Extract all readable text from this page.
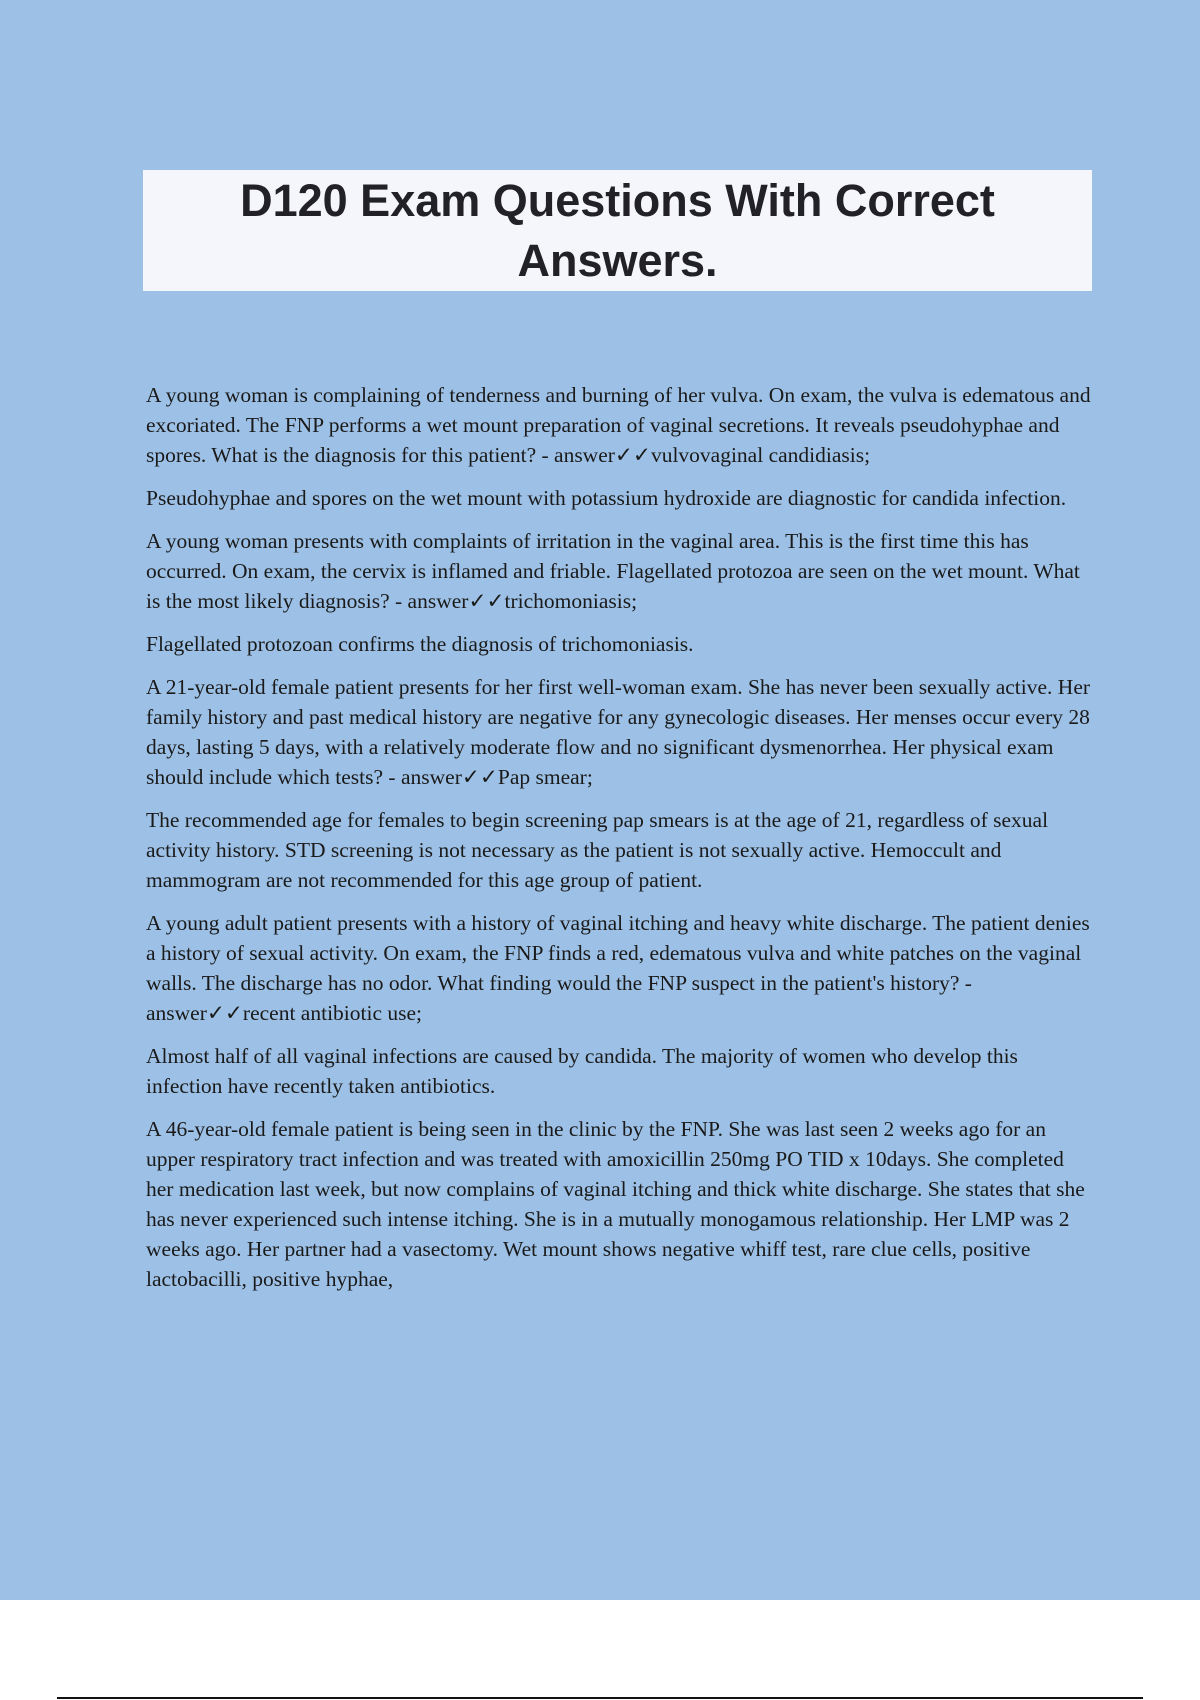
D120 Exam Questions With Correct Answers.

A young woman is complaining of tenderness and burning of her vulva. On exam, the vulva is edematous and excoriated. The FNP performs a wet mount preparation of vaginal secretions. It reveals pseudohyphae and spores. What is the diagnosis for this patient? - answer✓✓vulvovaginal candidiasis;

Pseudohyphae and spores on the wet mount with potassium hydroxide are diagnostic for candida infection.

A young woman presents with complaints of irritation in the vaginal area. This is the first time this has occurred. On exam, the cervix is inflamed and friable. Flagellated protozoa are seen on the wet mount. What is the most likely diagnosis? - answer✓✓trichomoniasis;

Flagellated protozoan confirms the diagnosis of trichomoniasis.

A 21-year-old female patient presents for her first well-woman exam. She has never been sexually active. Her family history and past medical history are negative for any gynecologic diseases. Her menses occur every 28 days, lasting 5 days, with a relatively moderate flow and no significant dysmenorrhea. Her physical exam should include which tests? - answer✓✓Pap smear;

The recommended age for females to begin screening pap smears is at the age of 21, regardless of sexual activity history. STD screening is not necessary as the patient is not sexually active. Hemoccult and mammogram are not recommended for this age group of patient.

A young adult patient presents with a history of vaginal itching and heavy white discharge. The patient denies a history of sexual activity. On exam, the FNP finds a red, edematous vulva and white patches on the vaginal walls. The discharge has no odor. What finding would the FNP suspect in the patient's history? - answer✓✓recent antibiotic use;

Almost half of all vaginal infections are caused by candida. The majority of women who develop this infection have recently taken antibiotics.

A 46-year-old female patient is being seen in the clinic by the FNP. She was last seen 2 weeks ago for an upper respiratory tract infection and was treated with amoxicillin 250mg PO TID x 10days. She completed her medication last week, but now complains of vaginal itching and thick white discharge. She states that she has never experienced such intense itching. She is in a mutually monogamous relationship. Her LMP was 2 weeks ago. Her partner had a vasectomy. Wet mount shows negative whiff test, rare clue cells, positive lactobacilli, positive hyphae,
